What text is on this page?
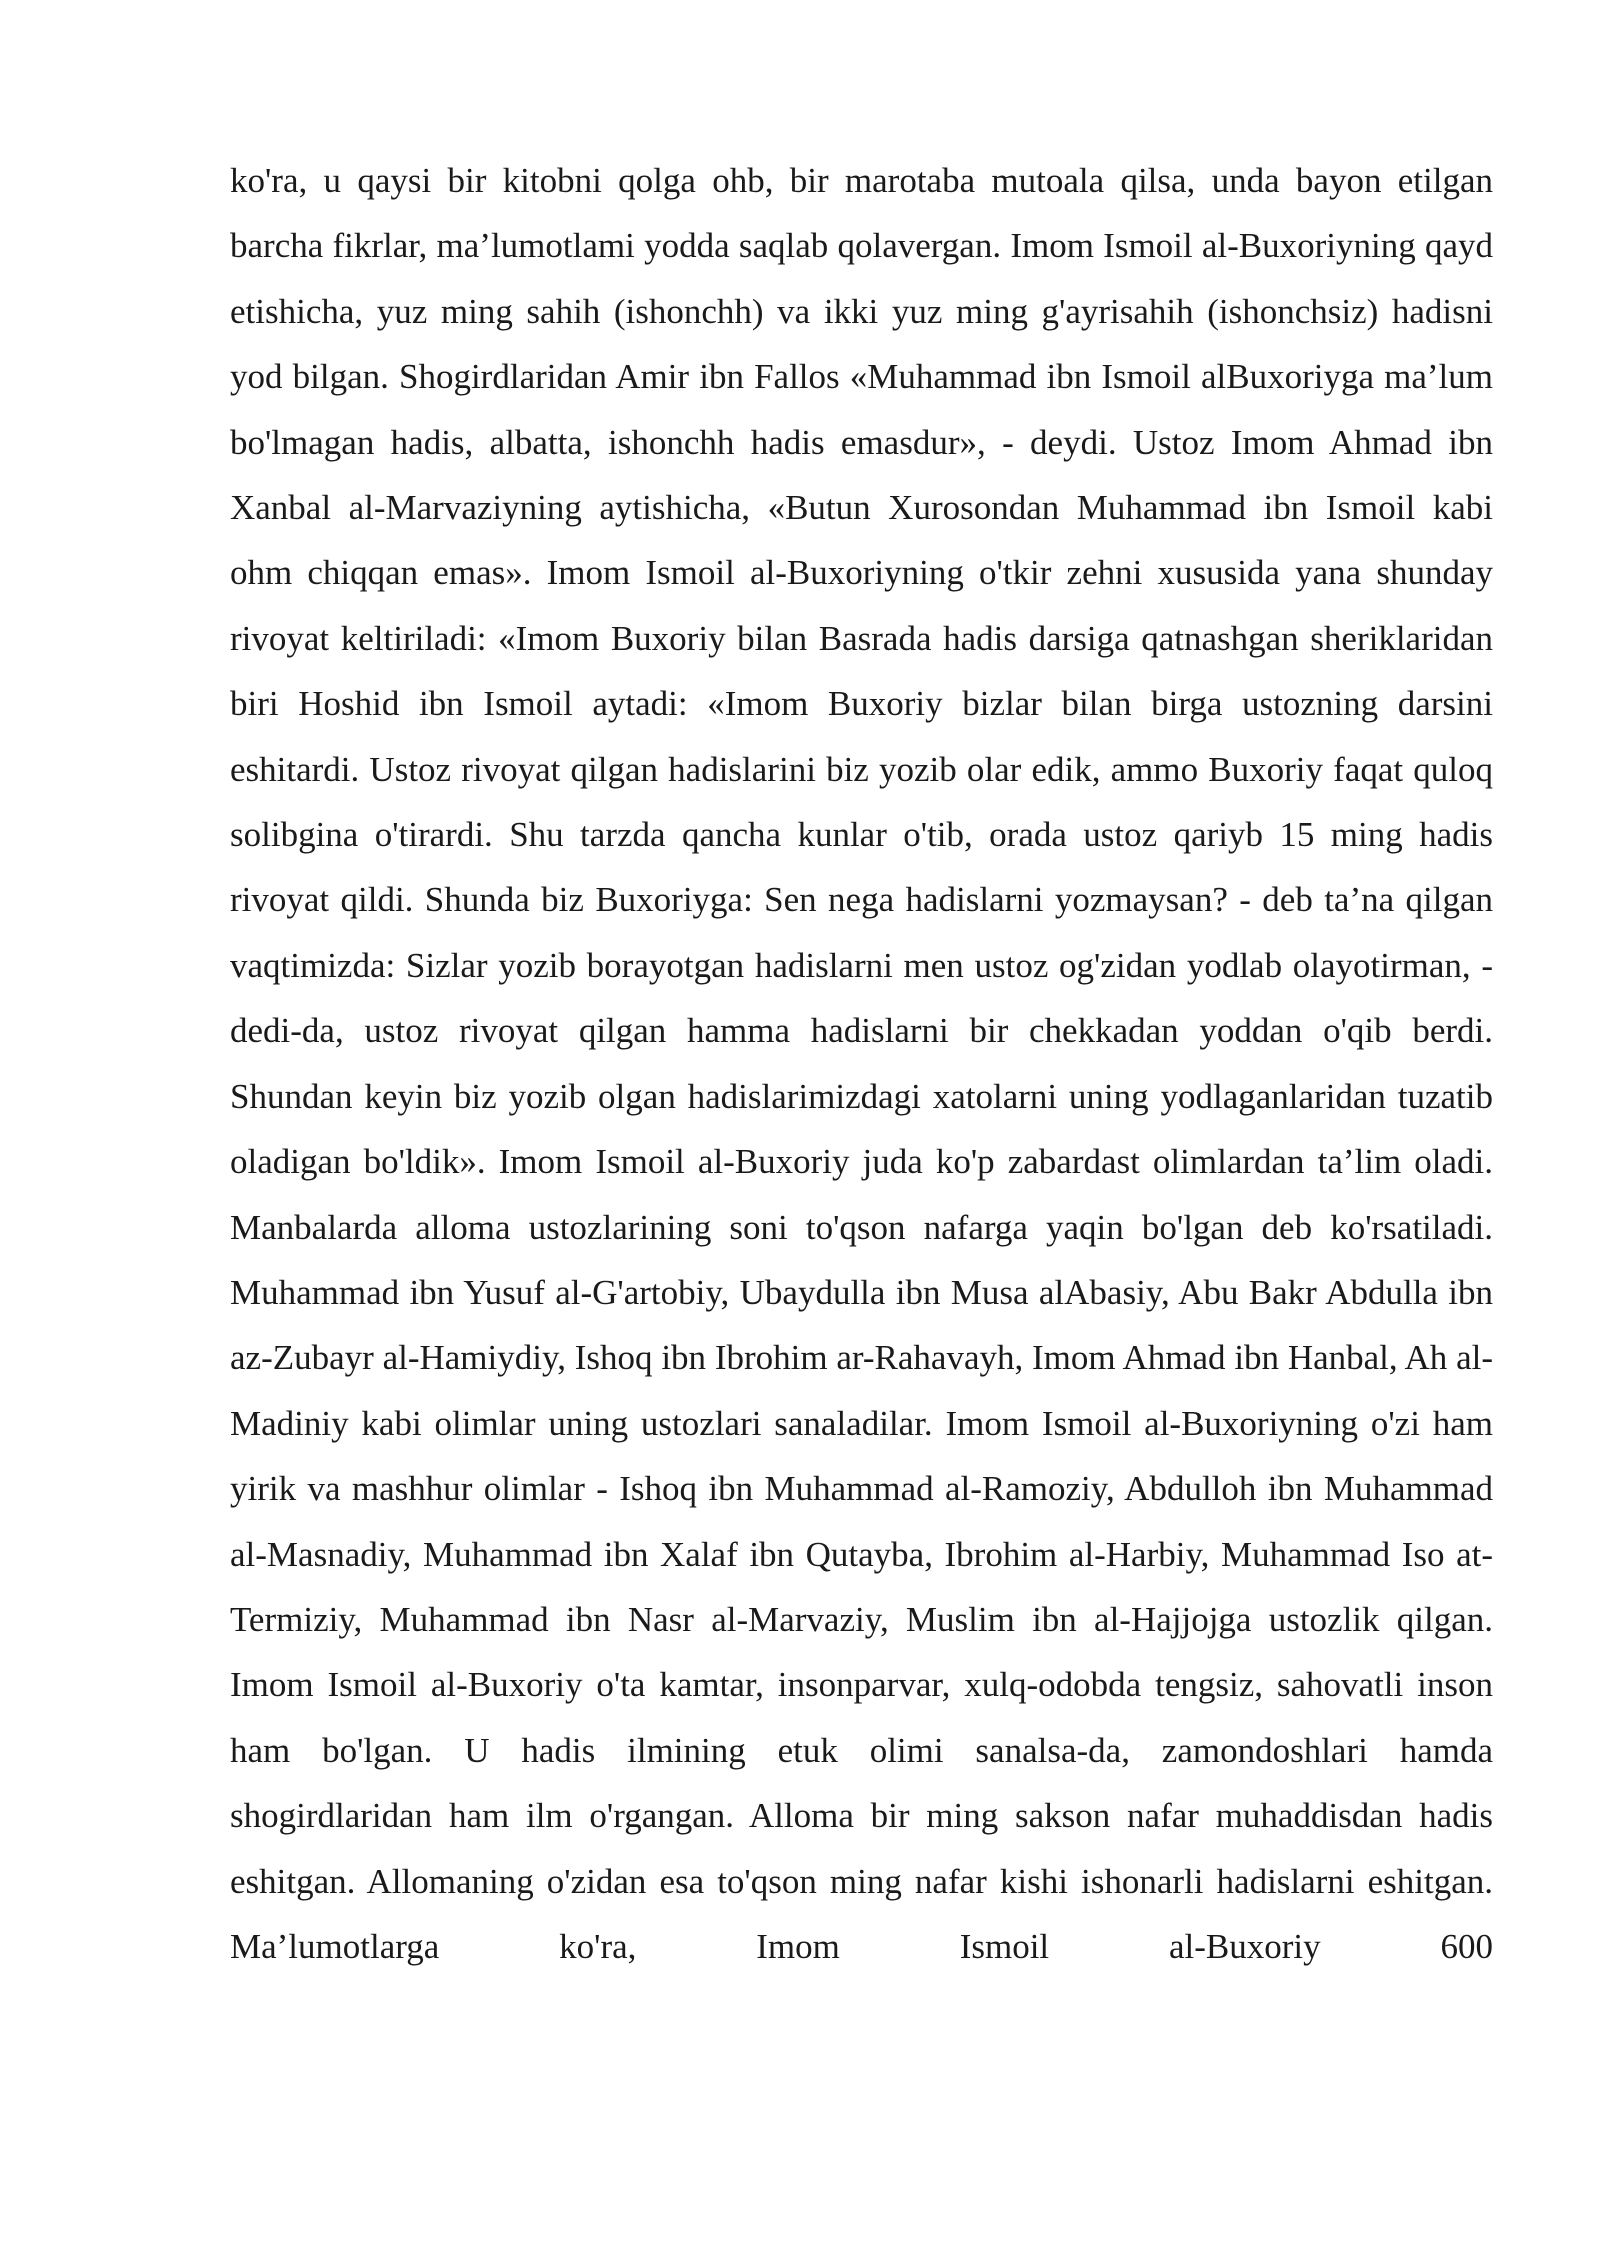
ko'ra, u qaysi bir kitobni qolga ohb, bir marotaba mutoala qilsa, unda bayon etilgan barcha fikrlar, ma’lumotlami yodda saqlab qolavergan. Imom Ismoil al-Buxoriyning qayd etishicha, yuz ming sahih (ishonchh) va ikki yuz ming g'ayrisahih (ishonchsiz) hadisni yod bilgan. Shogirdlaridan Amir ibn Fallos «Muhammad ibn Ismoil alBuxoriyga ma’lum bo'lmagan hadis, albatta, ishonchh hadis emasdur», - deydi. Ustoz Imom Ahmad ibn Xanbal al-Marvaziyning aytishicha, «Butun Xurosondan Muhammad ibn Ismoil kabi ohm chiqqan emas». Imom Ismoil al-Buxoriyning o'tkir zehni xususida yana shunday rivoyat keltiriladi: «Imom Buxoriy bilan Basrada hadis darsiga qatnashgan sheriklaridan biri Hoshid ibn Ismoil aytadi: «Imom Buxoriy bizlar bilan birga ustozning darsini eshitardi. Ustoz rivoyat qilgan hadislarini biz yozib olar edik, ammo Buxoriy faqat quloq solibgina o'tirardi. Shu tarzda qancha kunlar o'tib, orada ustoz qariyb 15 ming hadis rivoyat qildi. Shunda biz Buxoriyga: Sen nega hadislarni yozmaysan? - deb ta’na qilgan vaqtimizda: Sizlar yozib borayotgan hadislarni men ustoz og'zidan yodlab olayotirman, - dedi-da, ustoz rivoyat qilgan hamma hadislarni bir chekkadan yoddan o'qib berdi. Shundan keyin biz yozib olgan hadislarimizdagi xatolarni uning yodlaganlaridan tuzatib oladigan bo'ldik». Imom Ismoil al-Buxoriy juda ko'p zabardast olimlardan ta’lim oladi. Manbalarda alloma ustozlarining soni to'qson nafarga yaqin bo'lgan deb ko'rsatiladi. Muhammad ibn Yusuf al-G'artobiy, Ubaydulla ibn Musa alAbasiy, Abu Bakr Abdulla ibn az-Zubayr al-Hamiydiy, Ishoq ibn Ibrohim ar-Rahavayh, Imom Ahmad ibn Hanbal, Ah al-Madiniy kabi olimlar uning ustozlari sanaladilar. Imom Ismoil al-Buxoriyning o'zi ham yirik va mashhur olimlar - Ishoq ibn Muhammad al-Ramoziy, Abdulloh ibn Muhammad al-Masnadiy, Muhammad ibn Xalaf ibn Qutayba, Ibrohim al-Harbiy, Muhammad Iso at-Termiziy, Muhammad ibn Nasr al-Marvaziy, Muslim ibn al-Hajjojga ustozlik qilgan. Imom Ismoil al-Buxoriy o'ta kamtar, insonparvar, xulq-odobda tengsiz, sahovatli inson ham bo'lgan. U hadis ilmining etuk olimi sanalsa-da, zamondoshlari hamda shogirdlaridan ham ilm o'rgangan. Alloma bir ming sakson nafar muhaddisdan hadis eshitgan. Allomaning o'zidan esa to'qson ming nafar kishi ishonarli hadislarni eshitgan. Ma’lumotlarga ko'ra, Imom Ismoil al-Buxoriy 600
